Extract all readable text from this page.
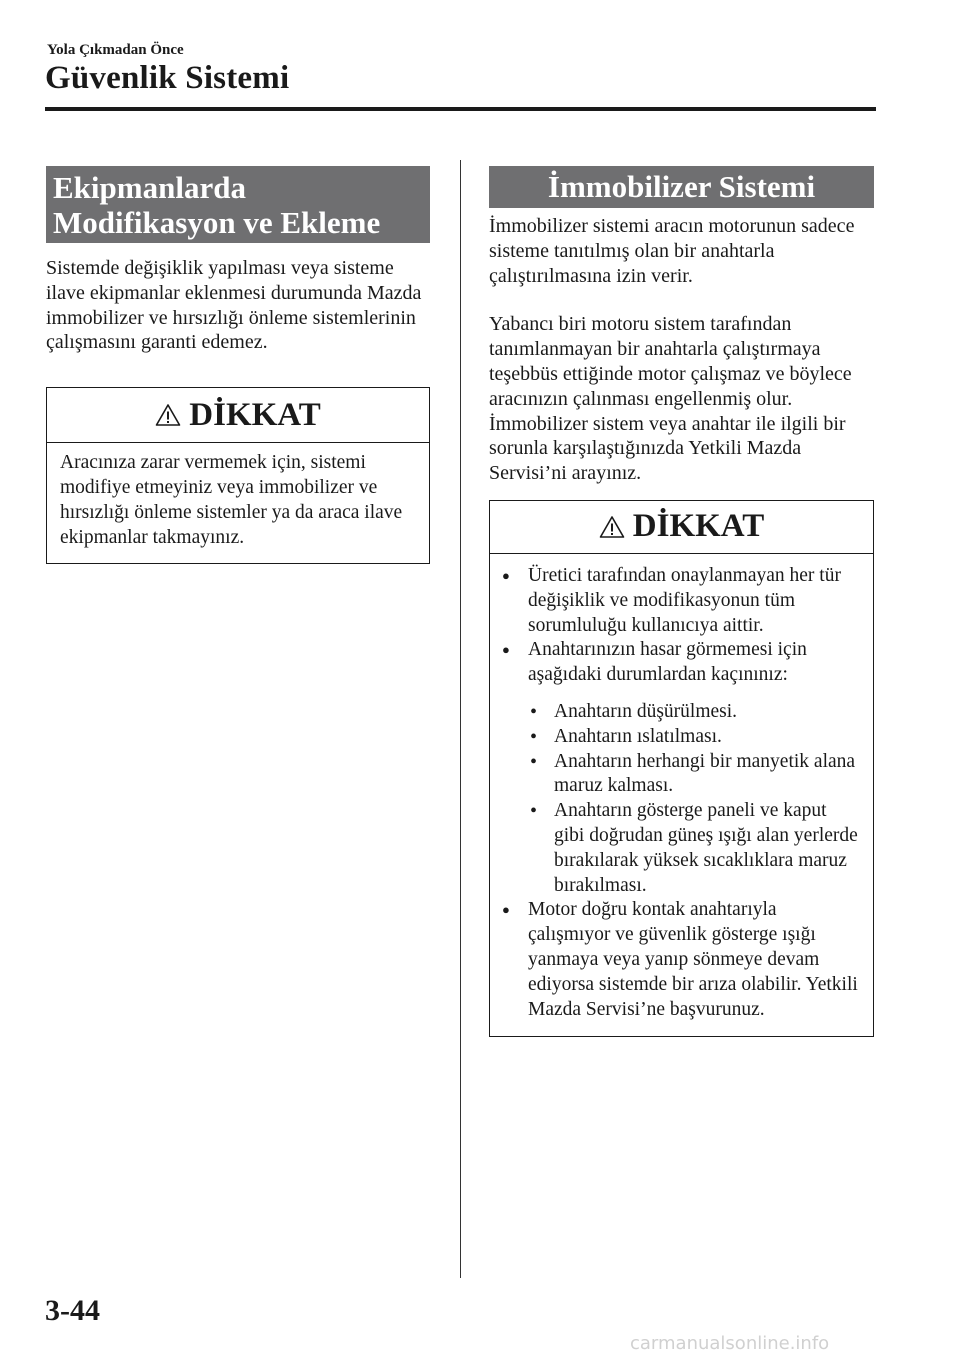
Yola Çıkmadan Önce
Güvenlik Sistemi
Ekipmanlarda
Modifikasyon ve Ekleme

Sistemde değişiklik yapılması veya sisteme ilave ekipmanlar eklenmesi durumunda Mazda immobilizer ve hırsızlığı önleme sistemlerinin çalışmasını garanti edemez.

DİKKAT
Aracınıza zarar vermemek için, sistemi modifiye etmeyiniz veya immobilizer ve hırsızlığı önleme sistemler ya da araca ilave ekipmanlar takmayınız.
İmmobilizer Sistemi

İmmobilizer sistemi aracın motorunun sadece sisteme tanıtılmış olan bir anahtarla çalıştırılmasına izin verir.

Yabancı biri motoru sistem tarafından tanımlanmayan bir anahtarla çalıştırmaya teşebbüs ettiğinde motor çalışmaz ve böylece aracınızın çalınması engellenmiş olur.

İmmobilizer sistem veya anahtar ile ilgili bir sorunla karşılaştığınızda Yetkili Mazda Servisi’ni arayınız.

DİKKAT
● Üretici tarafından onaylanmayan her tür değişiklik ve modifikasyonun tüm sorumluluğu kullanıcıya aittir.
● Anahtarınızın hasar görmemesi için aşağıdaki durumlardan kaçınınız:
• Anahtarın düşürülmesi.
• Anahtarın ıslatılması.
• Anahtarın herhangi bir manyetik alana maruz kalması.
• Anahtarın gösterge paneli ve kaput gibi doğrudan güneş ışığı alan yerlerde bırakılarak yüksek sıcaklıklara maruz bırakılması.
● Motor doğru kontak anahtarıyla çalışmıyor ve güvenlik gösterge ışığı yanmaya veya yanıp sönmeye devam ediyorsa sistemde bir arıza olabilir. Yetkili Mazda Servisi’ne başvurunuz.
3-44
carmanualsonline.info
